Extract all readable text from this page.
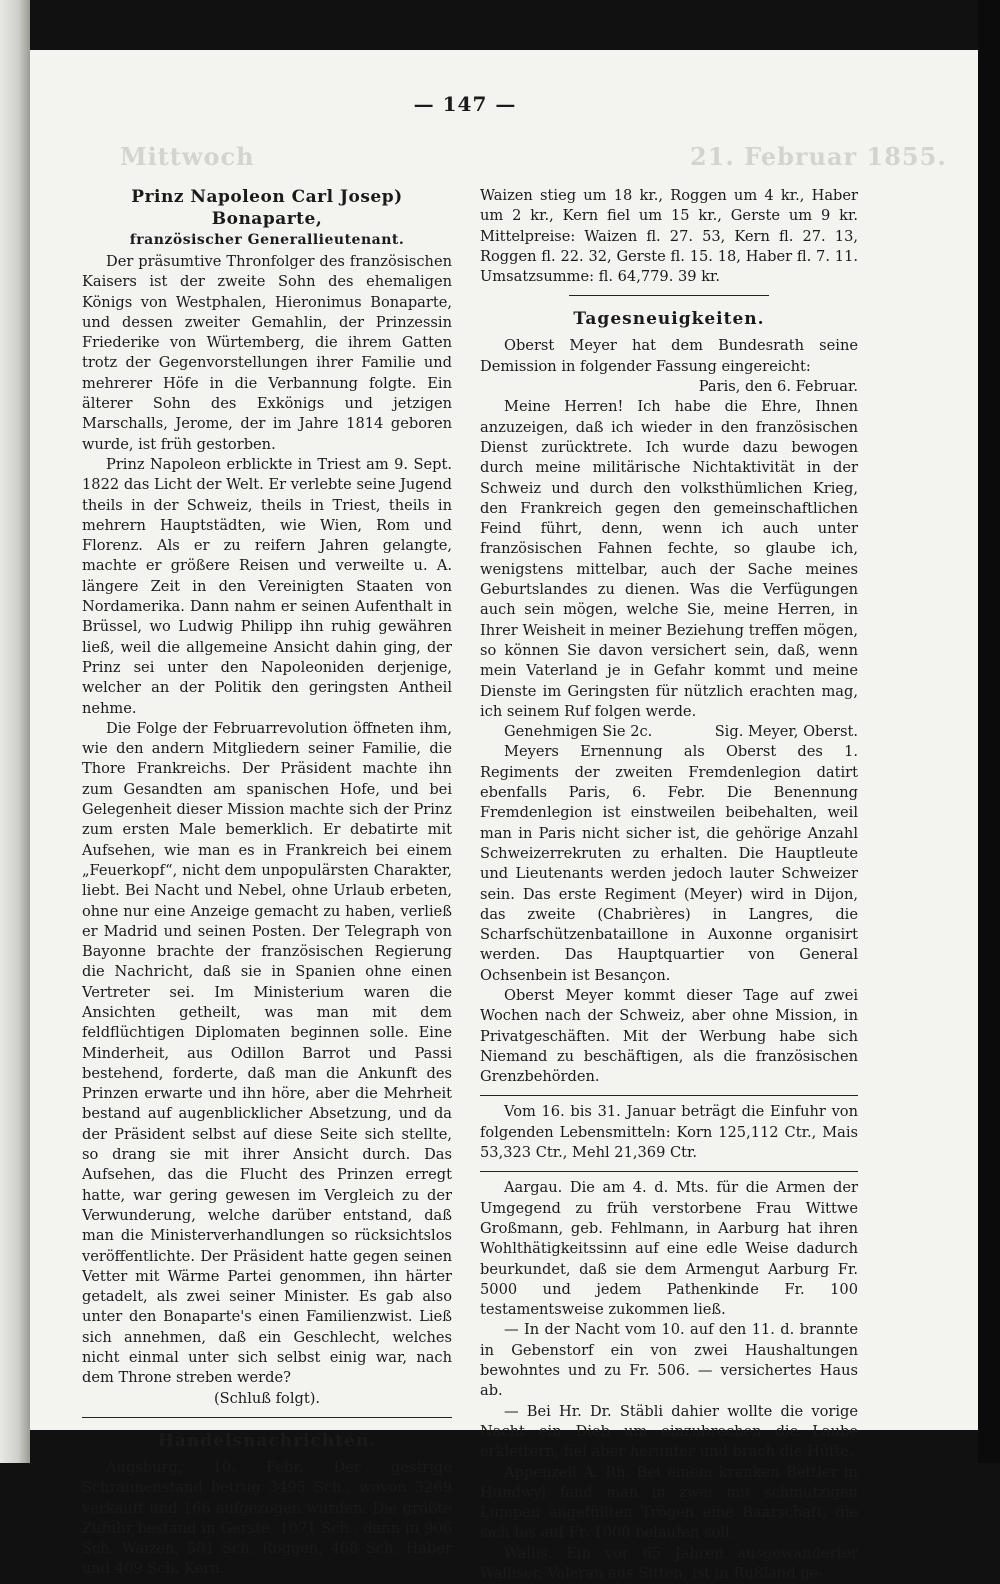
Mittwoch	21. Februar 1855.
— 147 —
Prinz Napoleon Carl Josep) Bonaparte,
französischer Generallieutenant.

Der präsumtive Thronfolger des französischen Kaisers ist der zweite Sohn des ehemaligen Königs von Westphalen, Hieronimus Bonaparte, und dessen zweiter Gemahlin, der Prinzessin Friederike von Würtemberg, die ihrem Gatten trotz der Gegenvorstellungen ihrer Familie und mehrerer Höfe in die Verbannung folgte. Ein älterer Sohn des Exkönigs und jetzigen Marschalls, Jerome, der im Jahre 1814 geboren wurde, ist früh gestorben.

Prinz Napoleon erblickte in Triest am 9. Sept. 1822 das Licht der Welt. Er verlebte seine Jugend theils in der Schweiz, theils in Triest, theils in mehrern Hauptstädten, wie Wien, Rom und Florenz. Als er zu reifern Jahren gelangte, machte er größere Reisen und verweilte u. A. längere Zeit in den Vereinigten Staaten von Nordamerika. Dann nahm er seinen Aufenthalt in Brüssel, wo Ludwig Philipp ihn ruhig gewähren ließ, weil die allgemeine Ansicht dahin ging, der Prinz sei unter den Napoleoniden derjenige, welcher an der Politik den geringsten Antheil nehme.

Die Folge der Februarrevolution öffneten ihm, wie den andern Mitgliedern seiner Familie, die Thore Frankreichs. Der Präsident machte ihn zum Gesandten am spanischen Hofe, und bei Gelegenheit dieser Mission machte sich der Prinz zum ersten Male bemerklich. Er debatirte mit Aufsehen, wie man es in Frankreich bei einem „Feuerkopf“, nicht dem unpopulärsten Charakter, liebt. Bei Nacht und Nebel, ohne Urlaub erbeten, ohne nur eine Anzeige gemacht zu haben, verließ er Madrid und seinen Posten. Der Telegraph von Bayonne brachte der französischen Regierung die Nachricht, daß sie in Spanien ohne einen Vertreter sei. Im Ministerium waren die Ansichten getheilt, was man mit dem feldflüchtigen Diplomaten beginnen solle. Eine Minderheit, aus Odillon Barrot und Passi bestehend, forderte, daß man die Ankunft des Prinzen erwarte und ihn höre, aber die Mehrheit bestand auf augenblicklicher Absetzung, und da der Präsident selbst auf diese Seite sich stellte, so drang sie mit ihrer Ansicht durch. Das Aufsehen, das die Flucht des Prinzen erregt hatte, war gering gewesen im Vergleich zu der Verwunderung, welche darüber entstand, daß man die Ministerverhandlungen so rücksichtslos veröffentlichte. Der Präsident hatte gegen seinen Vetter mit Wärme Partei genommen, ihn härter getadelt, als zwei seiner Minister. Es gab also unter den Bonaparte's einen Familienzwist. Ließ sich annehmen, daß ein Geschlecht, welches nicht einmal unter sich selbst einig war, nach dem Throne streben werde?

(Schluß folgt).

Handelsnachrichten.

Augsburg, 10. Febr. Der gestrige Schrannenstand betrug 3495 Sch., wovon 3269 verkauft und 166 aufgezogen wurden. Die größte Zufuhr bestand in Gerste, 1071 Sch., dann in 906 Sch. Waizen, 581 Sch. Roggen, 468 Sch. Haber und 409 Sch. Kern.

Waizen stieg um 18 kr., Roggen um 4 kr., Haber um 2 kr., Kern fiel um 15 kr., Gerste um 9 kr. Mittelpreise: Waizen fl. 27. 53, Kern fl. 27. 13, Roggen fl. 22. 32, Gerste fl. 15. 18, Haber fl. 7. 11. Umsatzsumme: fl. 64,779. 39 kr.

Tagesneuigkeiten.

Oberst Meyer hat dem Bundesrath seine Demission in folgender Fassung eingereicht:

Paris, den 6. Februar.

Meine Herren! Ich habe die Ehre, Ihnen anzuzeigen, daß ich wieder in den französischen Dienst zurücktrete. Ich wurde dazu bewogen durch meine militärische Nichtaktivität in der Schweiz und durch den volksthümlichen Krieg, den Frankreich gegen den gemeinschaftlichen Feind führt, denn, wenn ich auch unter französischen Fahnen fechte, so glaube ich, wenigstens mittelbar, auch der Sache meines Geburtslandes zu dienen. Was die Verfügungen auch sein mögen, welche Sie, meine Herren, in Ihrer Weisheit in meiner Beziehung treffen mögen, so können Sie davon versichert sein, daß, wenn mein Vaterland je in Gefahr kommt und meine Dienste im Geringsten für nützlich erachten mag, ich seinem Ruf folgen werde.

Genehmigen Sie 2c.	Sig. Meyer, Oberst.

Meyers Ernennung als Oberst des 1. Regiments der zweiten Fremdenlegion datirt ebenfalls Paris, 6. Febr. Die Benennung Fremdenlegion ist einstweilen beibehalten, weil man in Paris nicht sicher ist, die gehörige Anzahl Schweizerrekruten zu erhalten. Die Hauptleute und Lieutenants werden jedoch lauter Schweizer sein. Das erste Regiment (Meyer) wird in Dijon, das zweite (Chabrières) in Langres, die Scharfschützenbataillone in Auxonne organisirt werden. Das Hauptquartier von General Ochsenbein ist Besançon.

Oberst Meyer kommt dieser Tage auf zwei Wochen nach der Schweiz, aber ohne Mission, in Privatgeschäften. Mit der Werbung habe sich Niemand zu beschäftigen, als die französischen Grenzbehörden.

Vom 16. bis 31. Januar beträgt die Einfuhr von folgenden Lebensmitteln: Korn 125,112 Ctr., Mais 53,323 Ctr., Mehl 21,369 Ctr.

Aargau. Die am 4. d. Mts. für die Armen der Umgegend zu früh verstorbene Frau Wittwe Großmann, geb. Fehlmann, in Aarburg hat ihren Wohlthätigkeitssinn auf eine edle Weise dadurch beurkundet, daß sie dem Armengut Aarburg Fr. 5000 und jedem Pathenkinde Fr. 100 testamentsweise zukommen ließ.

— In der Nacht vom 10. auf den 11. d. brannte in Gebenstorf ein von zwei Haushaltungen bewohntes und zu Fr. 506. — versichertes Haus ab.

— Bei Hr. Dr. Stäbli dahier wollte die vorige Nacht ein Dieb um einzubrechen die Laube erklettern, fiel aber herunter und brach die Hüfte.

Appenzell A. Rh. Bei einem kranken Bettler in Hundwyl fand man in zwei mit schmutzigen Lumpen angefüllten Trögen eine Baarschaft, die sich bis auf Fr. 1000 belaufen soll.

Wallis. Ein vor 65 Jahren ausgewanderter Walliser, Valeran aus Sitten, ist in Rußland ge-
